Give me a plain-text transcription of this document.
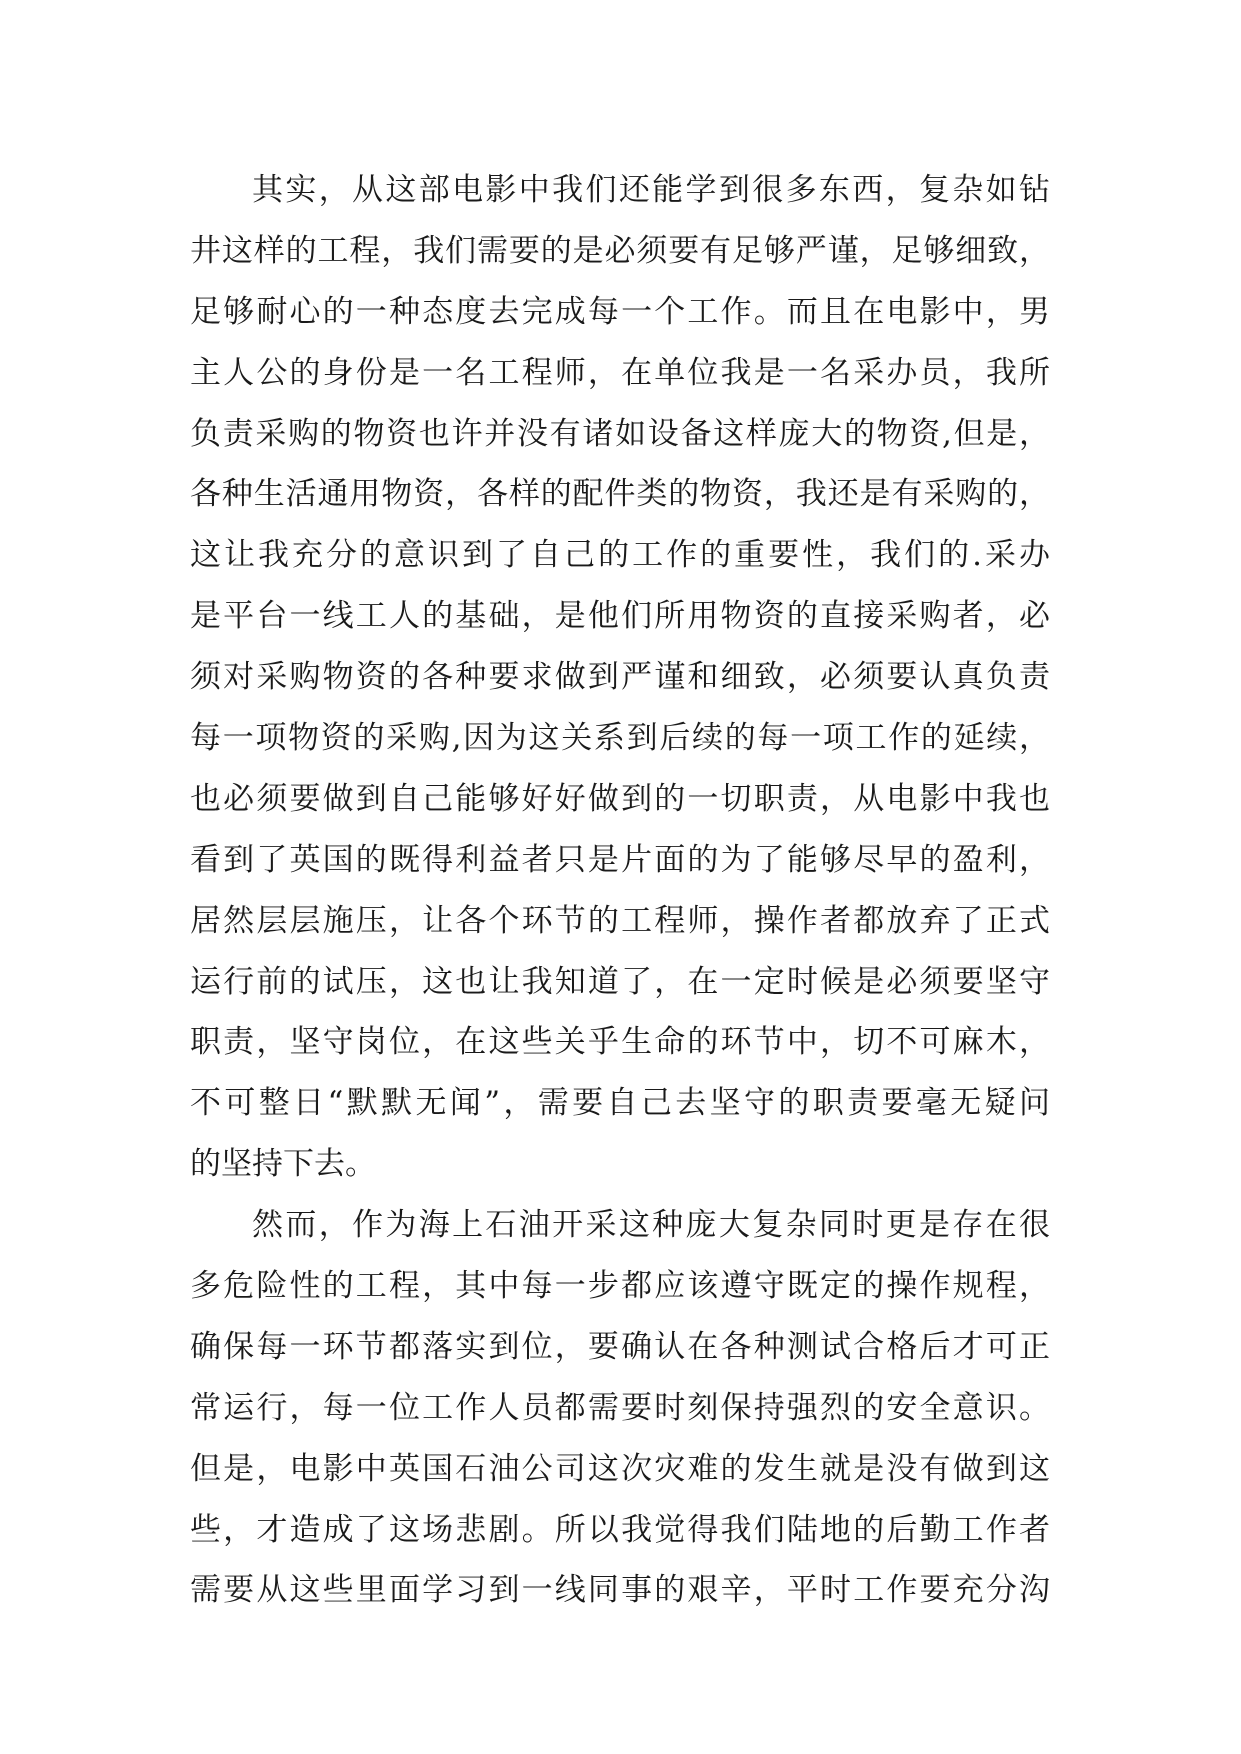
其实，从这部电影中我们还能学到很多东西，复杂如钻
井这样的工程，我们需要的是必须要有足够严谨，足够细致，
足够耐心的一种态度去完成每一个工作。而且在电影中，男
主人公的身份是一名工程师，在单位我是一名采办员，我所
负责采购的物资也许并没有诸如设备这样庞大的物资,但是，
各种生活通用物资，各样的配件类的物资，我还是有采购的，
这让我充分的意识到了自己的工作的重要性，我们的.采办
是平台一线工人的基础，是他们所用物资的直接采购者，必
须对采购物资的各种要求做到严谨和细致，必须要认真负责
每一项物资的采购,因为这关系到后续的每一项工作的延续，
也必须要做到自己能够好好做到的一切职责，从电影中我也
看到了英国的既得利益者只是片面的为了能够尽早的盈利，
居然层层施压，让各个环节的工程师，操作者都放弃了正式
运行前的试压，这也让我知道了，在一定时候是必须要坚守
职责，坚守岗位，在这些关乎生命的环节中，切不可麻木，
不可整日“默默无闻”，需要自己去坚守的职责要毫无疑问
的坚持下去。
然而，作为海上石油开采这种庞大复杂同时更是存在很
多危险性的工程，其中每一步都应该遵守既定的操作规程，
确保每一环节都落实到位，要确认在各种测试合格后才可正
常运行，每一位工作人员都需要时刻保持强烈的安全意识。
但是，电影中英国石油公司这次灾难的发生就是没有做到这
些，才造成了这场悲剧。所以我觉得我们陆地的后勤工作者
需要从这些里面学习到一线同事的艰辛，平时工作要充分沟
